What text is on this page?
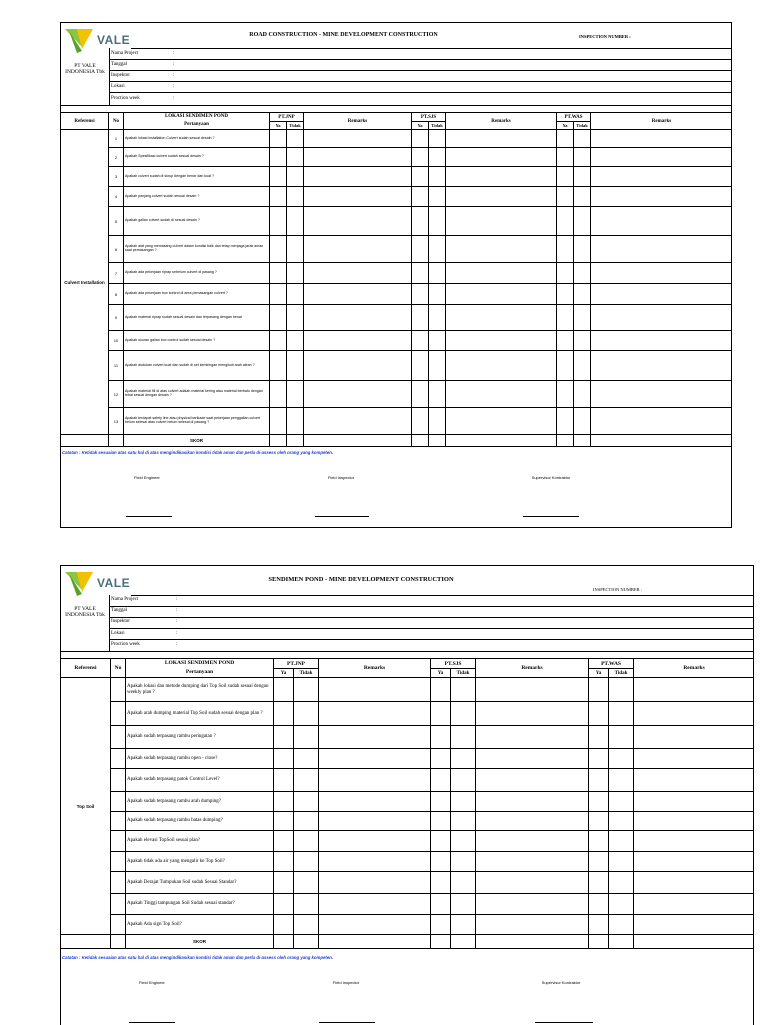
VALE
PT VALE INDONESIA Tbk
ROAD CONSTRUCTION - MINE DEVELOPMENT CONSTRUCTION	INSPECTION NUMBER :
Nama Project	:
Tanggal	:
Inspektor	:
Lokasi	:
Proction week	:
Referensi	No	LOKASI SENDIMEN POND	PT.JNP		Remarks	PT.SJS		Remarks	PT.WAS		Remarks
		Pertanyaan									
			Ya	Tidak		Ya	Tidak		Ya	Tidak	
Culvert Installation	1	Apakah lokasi installation Culvert sudah sesuai desain ?									
	2	Apakah Spesifikasi culvert sudah sesuai desain ?									
	3	Apakah culvert sudah di skrup dengan benar dan kuat ?									
	4	Apakah panjang culvert sudah sesuai desain ?									
	5	Apakah galian culvert sudah di sesuai desain ?									
	6	Apakah alat yang memasang culvert dalam kondisi baik dan tetap menjaga jarak aman saat pemasangan ?									
	7	Apakah ada pekerjaan riprap sebelum culvert di pasang ?									
	8	Apakah ada pekerjaan box kontrol di area pemasangan culvert ?									
	9	Apakah material riprap sudah sesuai desain dan terpasang dengan benar									
	10	Apakah ukuran galian box control sudah sesuai desain ?									
	11	Apakah dudukan culvert kuat dan sudah di set kemiringan mengikuti arah aliran ?									
	12	Apakah material fill di atas culvert adalah material kering atau material berbatu dengan tebal sesuai dengan desain ?									
	13	Apakah terdapat safety line atau physical barikade saat pekerjaan penggalian culvert belum selesai atau culvert belum selesai di pasang ?									
		SKOR									
Catatan : Ketidak sesuaian atas satu hal di atas mengindikasikan kondisi tidak aman dan perlu di-assess oleh orang yang kompeten.
Field Engineer	Field Inspector	Supervisor Kontraktor
VALE
PT VALE INDONESIA Tbk
SENDIMEN POND - MINE DEVELOPMENT CONSTRUCTION
INSPECTION NUMBER :
Nama Project	:
Tanggal	:
Inspektor	:
Lokasi	:
Proction week	:
Referensi	No	LOKASI SENDIMEN POND	PT.JNP		Remarks	PT.SJS		Remarks	PT.WAS		Remarks
		Pertanyaan									
			Ya	Tidak		Ya	Tidak		Ya	Tidak	
Top Soil		Apakah lokasi dan metode dumping dari Top Soil sudah sesuai dengan weekly plan ?									
		Apakah arah dumping material Top Soil sudah sesuai dengan plan ?									
		Apakah sudah terpasang rambu peringatan ?									
		Apakah sudah terpasang rambu open - close?									
		Apakah sudah terpasang patok Control Level?									
		Apakah sudah terpasang rambu arah dumping?									
		Apakah sudah terpasang rambu batas dumping?									
		Apakah elevasi TopSoil sesuai plan?									
		Apakah tidak ada air yang mengalir ke Top Soil?									
		Apakah Derajat Tumpukan Soil sudah Sesuai Standar?									
		Apakah Tinggi tampungan Soil Sudah sesuai standar?									
		Apakah Ada sign Top Soil?									
		SKOR									
Catatan : Ketidak sesuaian atas satu hal di atas mengindikasikan kondisi tidak aman dan perlu di-assess oleh orang yang kompeten.
Field Engineer	Field Inspector	Supervisor Kontraktor
